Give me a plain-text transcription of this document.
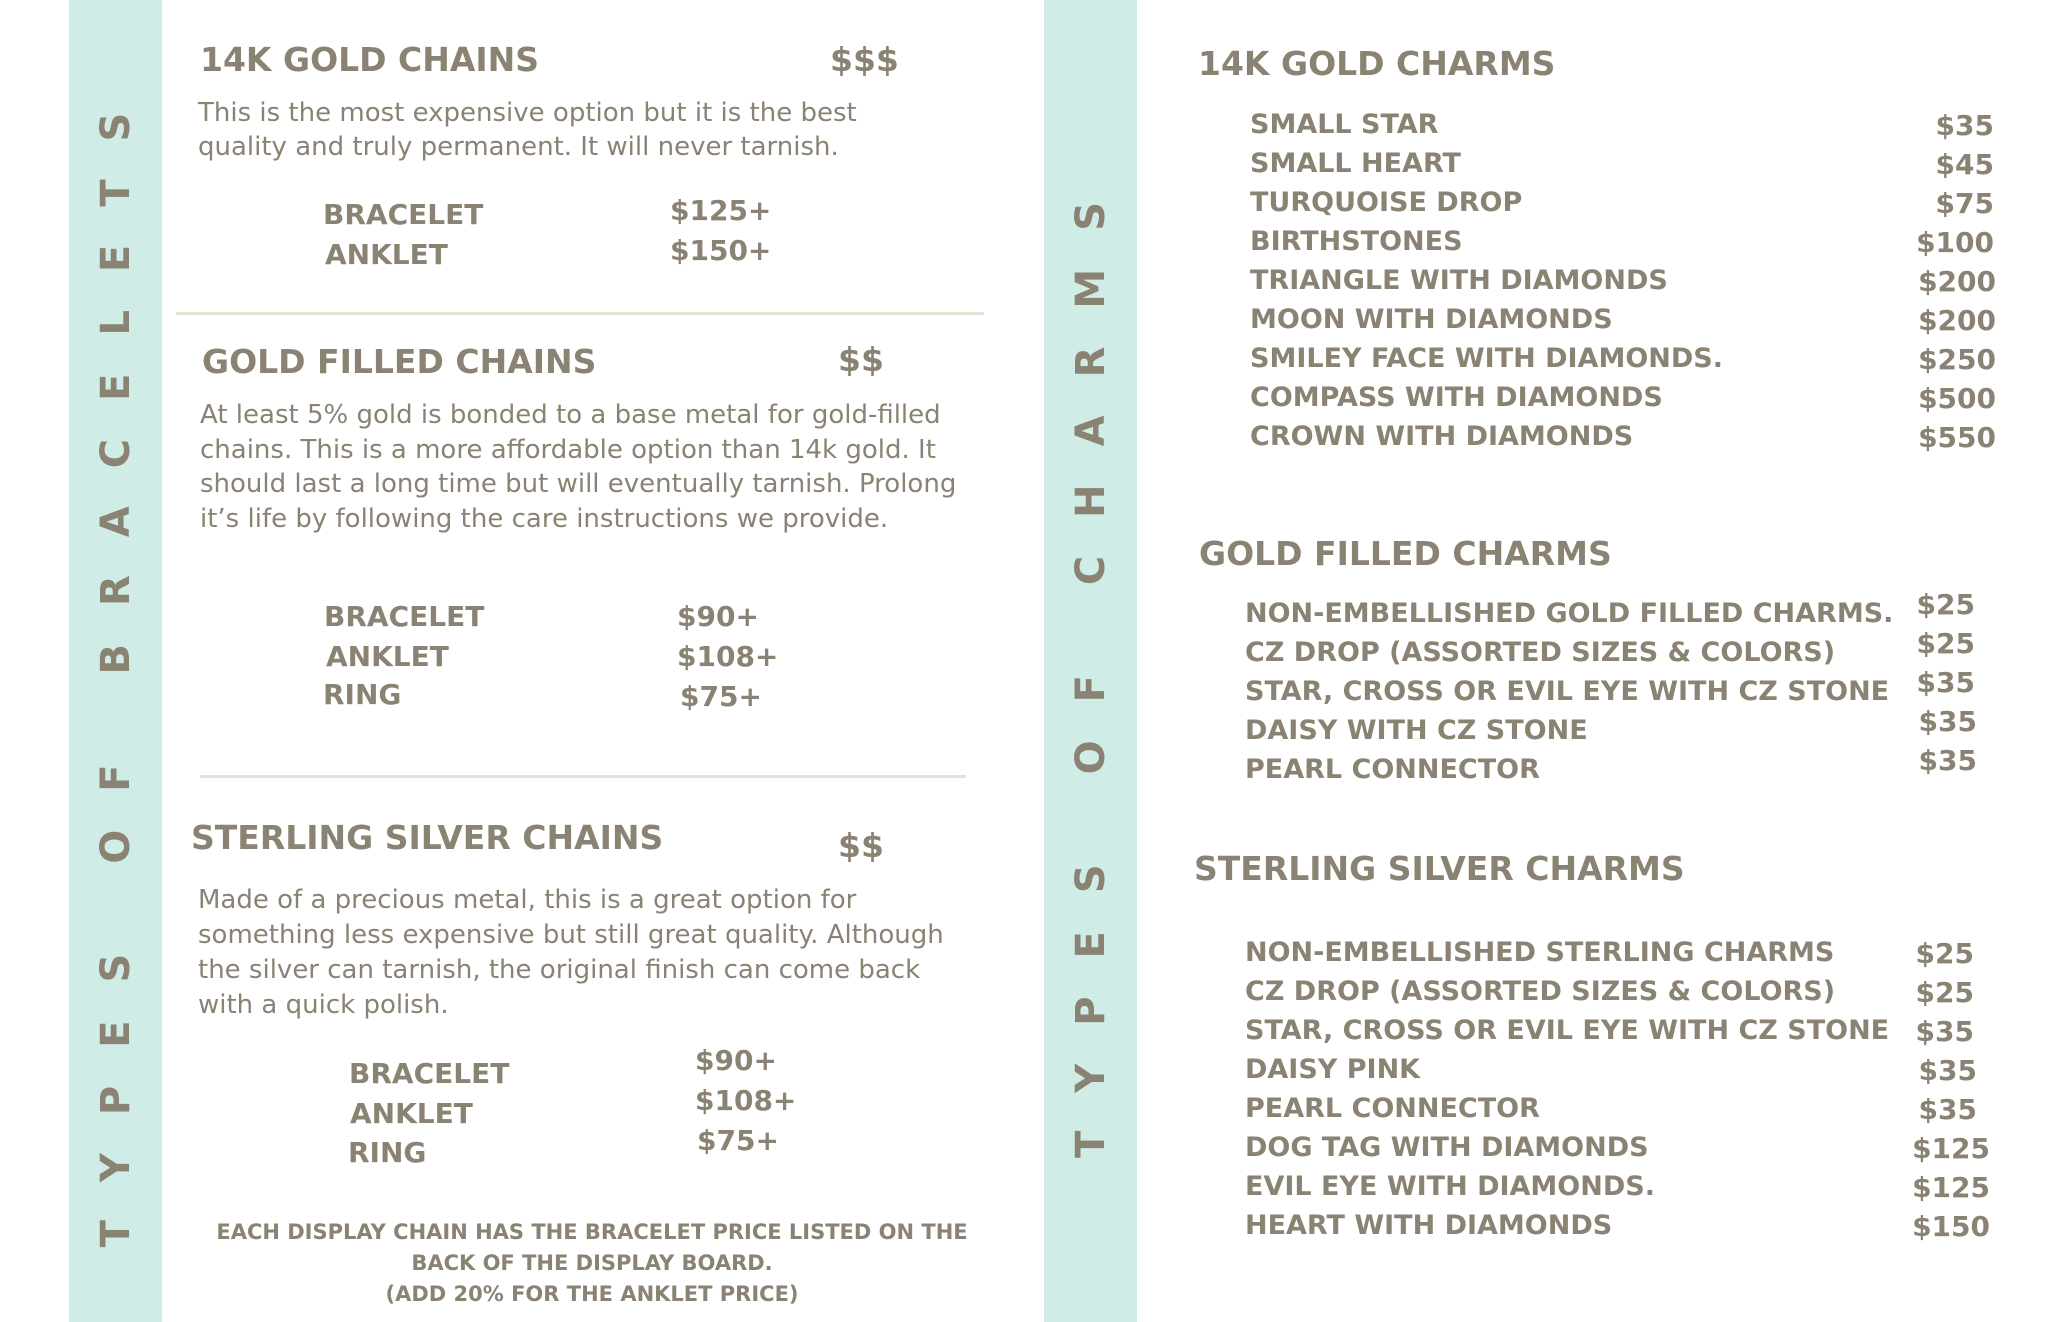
TYPES OF BRACELETS	TYPES OF CHARMS
14K GOLD CHAINS	$$$
This is the most expensive option but it is the best
quality and truly permanent. It will never tarnish.
BRACELET	$125+
ANKLET	$150+
GOLD FILLED CHAINS	$$
At least 5% gold is bonded to a base metal for gold-filled
chains. This is a more affordable option than 14k gold. It
should last a long time but will eventually tarnish. Prolong
it’s life by following the care instructions we provide.
BRACELET	$90+
ANKLET	$108+
RING	$75+
STERLING SILVER CHAINS	$$
Made of a precious metal, this is a great option for
something less expensive but still great quality. Although
the silver can tarnish, the original finish can come back
with a quick polish.
BRACELET	$90+
ANKLET	$108+
RING	$75+
EACH DISPLAY CHAIN HAS THE BRACELET PRICE LISTED ON THE
BACK OF THE DISPLAY BOARD.
(ADD 20% FOR THE ANKLET PRICE)
14K GOLD CHARMS
SMALL STAR	$35
SMALL HEART	$45
TURQUOISE DROP	$75
BIRTHSTONES	$100
TRIANGLE WITH DIAMONDS	$200
MOON WITH DIAMONDS	$200
SMILEY FACE WITH DIAMONDS.	$250
COMPASS WITH DIAMONDS	$500
CROWN WITH DIAMONDS	$550
GOLD FILLED CHARMS
NON-EMBELLISHED GOLD FILLED CHARMS. $25
CZ DROP (ASSORTED SIZES & COLORS)	$25
STAR, CROSS OR EVIL EYE WITH CZ STONE $35
DAISY WITH CZ STONE	$35
PEARL CONNECTOR	$35
STERLING SILVER CHARMS
NON-EMBELLISHED STERLING CHARMS	$25
CZ DROP (ASSORTED SIZES & COLORS)	$25
STAR, CROSS OR EVIL EYE WITH CZ STONE $35
DAISY PINK	$35
PEARL CONNECTOR	$35
DOG TAG WITH DIAMONDS	$125
EVIL EYE WITH DIAMONDS.	$125
HEART WITH DIAMONDS	$150
